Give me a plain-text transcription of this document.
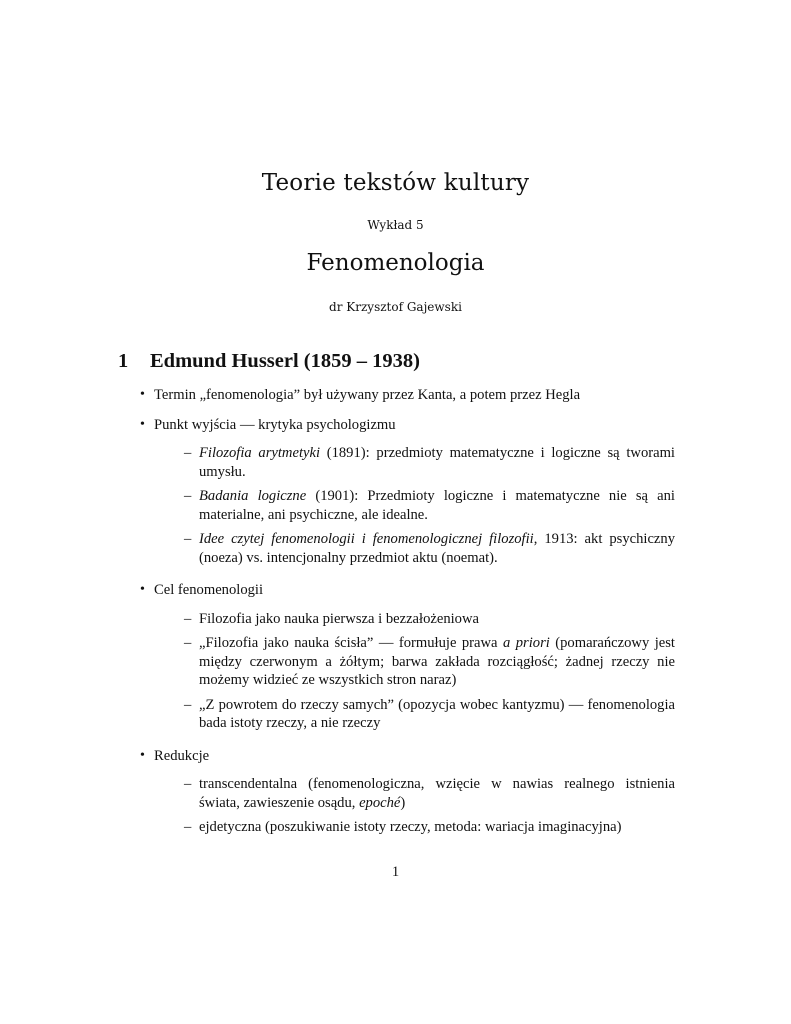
Teorie tekstów kultury
Wykład 5
Fenomenologia
dr Krzysztof Gajewski
1 Edmund Husserl (1859 – 1938)
• Termin „fenomenologia” był używany przez Kanta, a potem przez Hegla
• Punkt wyjścia — krytyka psychologizmu
– Filozofia arytmetyki (1891): przedmioty matematyczne i logiczne są tworami umysłu.
– Badania logiczne (1901): Przedmioty logiczne i matematyczne nie są ani materialne, ani psychiczne, ale idealne.
– Idee czytej fenomenologii i fenomenologicznej filozofii, 1913: akt psychiczny (noeza) vs. intencjonalny przedmiot aktu (noemat).
• Cel fenomenologii
– Filozofia jako nauka pierwsza i bezzałożeniowa
– „Filozofia jako nauka ścisła” — formułuje prawa a priori (pomarańczowy jest między czerwonym a żółtym; barwa zakłada rozciągłość; żadnej rzeczy nie możemy widzieć ze wszystkich stron naraz)
– „Z powrotem do rzeczy samych” (opozycja wobec kantyzmu) — fenomenologia bada istoty rzeczy, a nie rzeczy
• Redukcje
– transcendentalna (fenomenologiczna, wzięcie w nawias realnego istnienia świata, zawieszenie osądu, epoché)
– ejdetyczna (poszukiwanie istoty rzeczy, metoda: wariacja imaginacyjna)
1
